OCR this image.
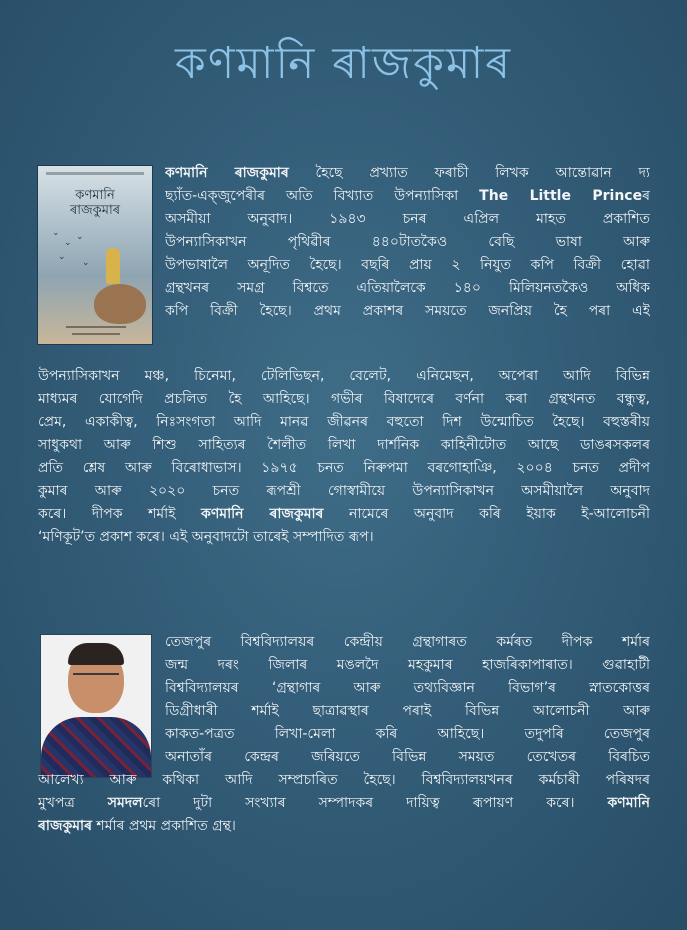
কণমানি ৰাজকুমাৰ
কণমানি
ৰাজকুমাৰ
⌄
⌄
⌄
⌄
⌄
কণমানি ৰাজকুমাৰ হৈছে প্ৰখ্যাত ফৰাচী লিখক আন্তোৱান দ্য
ছ্যাঁত-এক্‌জুপেৰীৰ অতি বিখ্যাত উপন্যাসিকা The Little Princeৰ
অসমীয়া অনুবাদ। ১৯৪৩ চনৰ এপ্ৰিল মাহত প্ৰকাশিত
উপন্যাসিকাখন পৃথিৱীৰ ৪৪০টাতকৈও বেছি ভাষা আৰু
উপভাষালৈ অনূদিত হৈছে। বছৰি প্ৰায় ২ নিযুত কপি বিক্ৰী হোৱা
গ্ৰন্থখনৰ সমগ্ৰ বিশ্বতে এতিয়ালৈকে ১৪০ মিলিয়নতকৈও অধিক
কপি বিক্ৰী হৈছে। প্ৰথম প্ৰকাশৰ সময়তে জনপ্ৰিয় হৈ পৰা এই
উপন্যাসিকাখন মঞ্চ, চিনেমা, টেলিভিছন, বেলেট, এনিমেছন, অপেৰা আদি বিভিন্ন
মাধ্যমৰ যোগেদি প্ৰচলিত হৈ আহিছে। গভীৰ বিষাদেৰে বৰ্ণনা কৰা গ্ৰন্থখনত বন্ধুত্ব,
প্ৰেম, একাকীত্ব, নিঃসংগতা আদি মানৱ জীৱনৰ বহুতো দিশ উন্মোচিত হৈছে। বহুস্তৰীয়
সাধুকথা আৰু শিশু সাহিত্যৰ শৈলীত লিখা দাৰ্শনিক কাহিনীটোত আছে ডাঙৰসকলৰ
প্ৰতি শ্লেষ আৰু বিৰোধাভাস। ১৯৭৫ চনত নিৰুপমা বৰগোহাঞি, ২০০৪ চনত প্ৰদীপ
কুমাৰ আৰু ২০২০ চনত ৰূপশ্ৰী গোস্বামীয়ে উপন্যাসিকাখন অসমীয়ালৈ অনুবাদ
কৰে। দীপক শৰ্মাই কণমানি ৰাজকুমাৰ নামেৰে অনুবাদ কৰি ইয়াক ই-আলোচনী
‘মণিকূট’ত প্ৰকাশ কৰে। এই অনুবাদটো তাৰেই সম্পাদিত ৰূপ।
তেজপুৰ বিশ্ববিদ্যালয়ৰ কেন্দ্ৰীয় গ্ৰন্থাগাৰত কৰ্মৰত দীপক শৰ্মাৰ
জন্ম দৰং জিলাৰ মঙলদৈ মহকুমাৰ হাজৰিকাপাৰাত। গুৱাহাটী
বিশ্ববিদ্যালয়ৰ ‘গ্ৰন্থাগাৰ আৰু তথ্যবিজ্ঞান বিভাগ’ৰ স্নাতকোত্তৰ
ডিগ্ৰীধাৰী শৰ্মাই ছাত্ৰাৱস্থাৰ পৰাই বিভিন্ন আলোচনী আৰু
কাকত-পত্ৰত লিখা-মেলা কৰি আহিছে। তদুপৰি তেজপুৰ
অনাতাঁৰ কেন্দ্ৰৰ জৰিয়তে বিভিন্ন সময়ত তেখেতৰ বিৰচিত
আলেখ্য আৰু কথিকা আদি সম্প্ৰচাৰিত হৈছে। বিশ্ববিদ্যালয়খনৰ কৰ্মচাৰী পৰিষদৰ
মুখপত্ৰ সমদলৰো দুটা সংখ্যাৰ সম্পাদকৰ দায়িত্ব ৰূপায়ণ কৰে। কণমানি
ৰাজকুমাৰ শৰ্মাৰ প্ৰথম প্ৰকাশিত গ্ৰন্থ।
